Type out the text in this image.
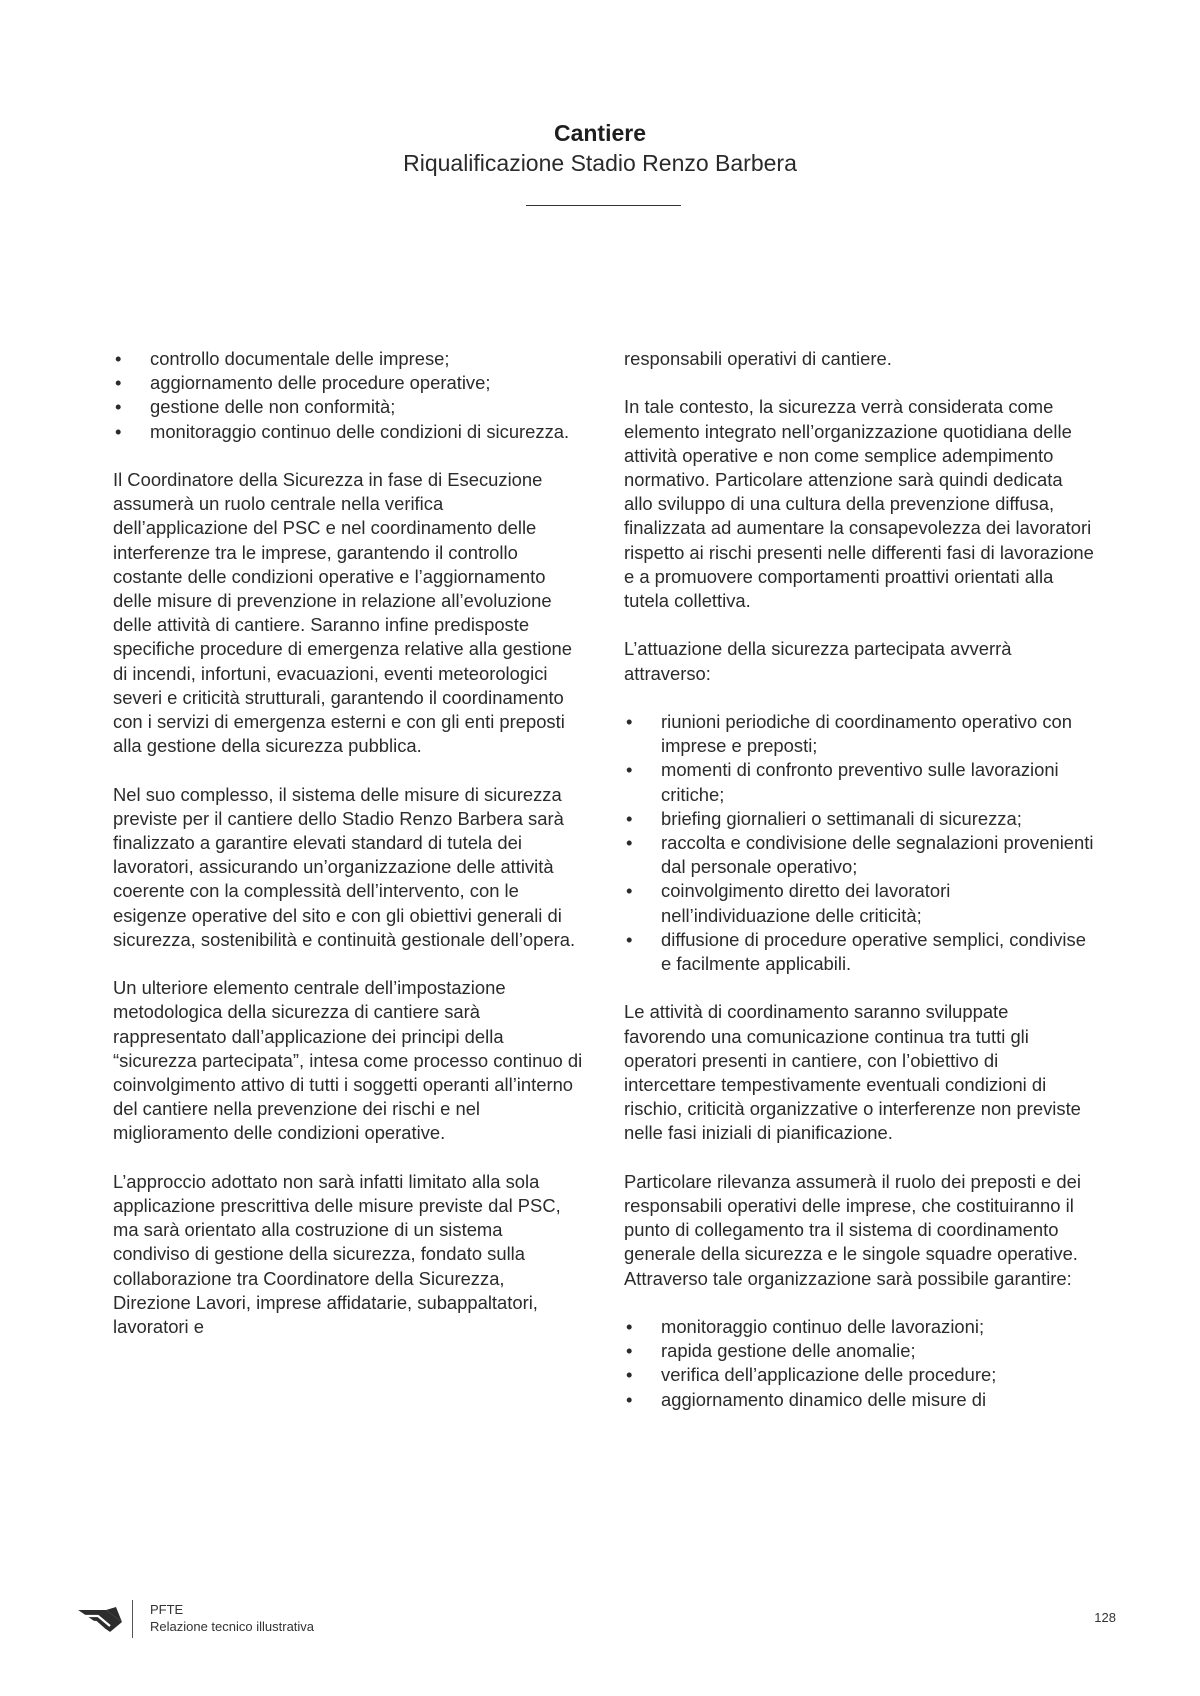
Cantiere
Riqualificazione Stadio Renzo Barbera
• controllo documentale delle imprese;
• aggiornamento delle procedure operative;
• gestione delle non conformità;
• monitoraggio continuo delle condizioni di sicurezza.

Il Coordinatore della Sicurezza in fase di Esecuzione assumerà un ruolo centrale nella verifica dell’applicazione del PSC e nel coordinamento delle interferenze tra le imprese, garantendo il controllo costante delle condizioni operative e l’aggiornamento delle misure di prevenzione in relazione all’evoluzione delle attività di cantiere. Saranno infine predisposte specifiche procedure di emergenza relative alla gestione di incendi, infortuni, evacuazioni, eventi meteorologici severi e criticità strutturali, garantendo il coordinamento con i servizi di emergenza esterni e con gli enti preposti alla gestione della sicurezza pubblica.

Nel suo complesso, il sistema delle misure di sicurezza previste per il cantiere dello Stadio Renzo Barbera sarà finalizzato a garantire elevati standard di tutela dei lavoratori, assicurando un’organizzazione delle attività coerente con la complessità dell’intervento, con le esigenze operative del sito e con gli obiettivi generali di sicurezza, sostenibilità e continuità gestionale dell’opera.

Un ulteriore elemento centrale dell’impostazione metodologica della sicurezza di cantiere sarà rappresentato dall’applicazione dei principi della “sicurezza partecipata”, intesa come processo continuo di coinvolgimento attivo di tutti i soggetti operanti all’interno del cantiere nella prevenzione dei rischi e nel miglioramento delle condizioni operative.

L’approccio adottato non sarà infatti limitato alla sola applicazione prescrittiva delle misure previste dal PSC, ma sarà orientato alla costruzione di un sistema condiviso di gestione della sicurezza, fondato sulla collaborazione tra Coordinatore della Sicurezza, Direzione Lavori, imprese affidatarie, subappaltatori, lavoratori e

responsabili operativi di cantiere.

In tale contesto, la sicurezza verrà considerata come elemento integrato nell’organizzazione quotidiana delle attività operative e non come semplice adempimento normativo. Particolare attenzione sarà quindi dedicata allo sviluppo di una cultura della prevenzione diffusa, finalizzata ad aumentare la consapevolezza dei lavoratori rispetto ai rischi presenti nelle differenti fasi di lavorazione e a promuovere comportamenti proattivi orientati alla tutela collettiva.

L’attuazione della sicurezza partecipata avverrà attraverso:

• riunioni periodiche di coordinamento operativo con imprese e preposti;
• momenti di confronto preventivo sulle lavorazioni critiche;
• briefing giornalieri o settimanali di sicurezza;
• raccolta e condivisione delle segnalazioni provenienti dal personale operativo;
• coinvolgimento diretto dei lavoratori nell’individuazione delle criticità;
• diffusione di procedure operative semplici, condivise e facilmente applicabili.

Le attività di coordinamento saranno sviluppate favorendo una comunicazione continua tra tutti gli operatori presenti in cantiere, con l’obiettivo di intercettare tempestivamente eventuali condizioni di rischio, criticità organizzative o interferenze non previste nelle fasi iniziali di pianificazione.

Particolare rilevanza assumerà il ruolo dei preposti e dei responsabili operativi delle imprese, che costituiranno il punto di collegamento tra il sistema di coordinamento generale della sicurezza e le singole squadre operative. Attraverso tale organizzazione sarà possibile garantire:

• monitoraggio continuo delle lavorazioni;
• rapida gestione delle anomalie;
• verifica dell’applicazione delle procedure;
• aggiornamento dinamico delle misure di
PFTE
Relazione tecnico illustrativa
128
